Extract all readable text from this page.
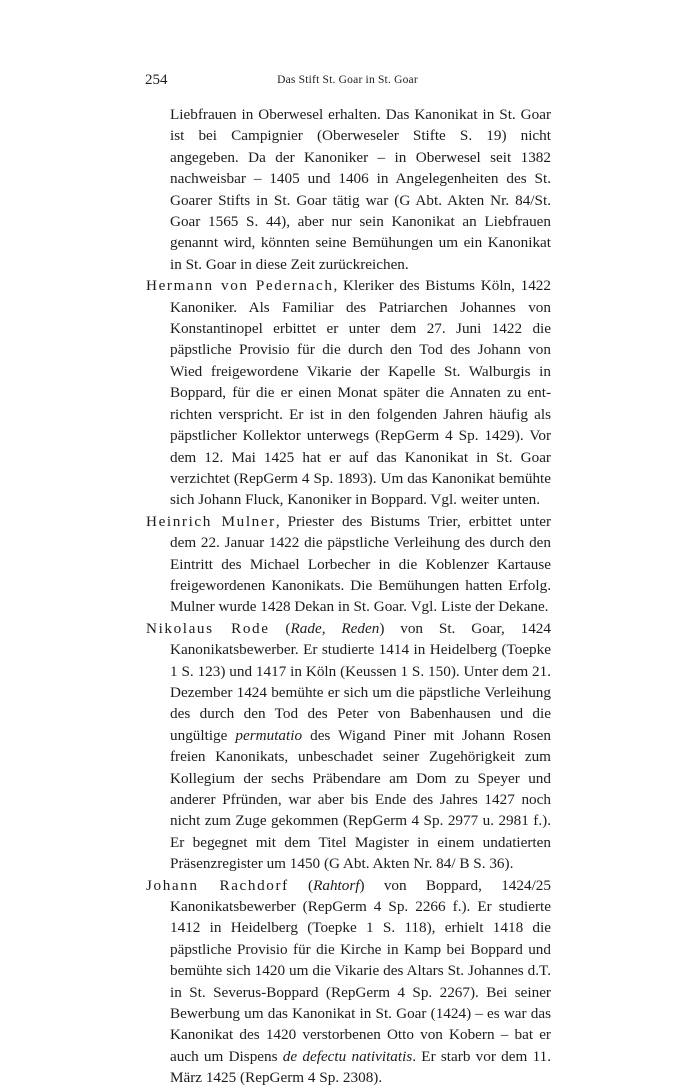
254	Das Stift St. Goar in St. Goar

Liebfrauen in Oberwesel erhalten. Das Kanonikat in St. Goar ist bei Campignier (Oberweseler Stifte S. 19) nicht angegeben. Da der Kanoniker – in Oberwesel seit 1382 nachweisbar – 1405 und 1406 in Angelegenheiten des St. Goarer Stifts in St. Goar tätig war (G Abt. Akten Nr. 84/St. Goar 1565 S. 44), aber nur sein Kanonikat an Liebfrauen genannt wird, könnten seine Bemühungen um ein Kanonikat in St. Goar in diese Zeit zurückreichen.

Hermann von Pedernach, Kleriker des Bistums Köln, 1422 Kanoniker. Als Familiar des Patriarchen Johannes von Konstantinopel erbittet er unter dem 27. Juni 1422 die päpstliche Provisio für die durch den Tod des Johann von Wied freigewordene Vikarie der Kapelle St. Walburgis in Boppard, für die er einen Monat später die Annaten zu entrichten verspricht. Er ist in den folgenden Jahren häufig als päpstlicher Kollektor unterwegs (RepGerm 4 Sp. 1429). Vor dem 12. Mai 1425 hat er auf das Kanonikat in St. Goar verzichtet (RepGerm 4 Sp. 1893). Um das Kanonikat bemühte sich Johann Fluck, Kanoniker in Boppard. Vgl. weiter unten.

Heinrich Mulner, Priester des Bistums Trier, erbittet unter dem 22. Januar 1422 die päpstliche Verleihung des durch den Eintritt des Michael Lorbecher in die Koblenzer Kartause freigewordenen Kanonikats. Die Bemühungen hatten Erfolg. Mulner wurde 1428 Dekan in St. Goar. Vgl. Liste der Dekane.

Nikolaus Rode (Rade, Reden) von St. Goar, 1424 Kanonikatsbewerber. Er studierte 1414 in Heidelberg (Toepke 1 S. 123) und 1417 in Köln (Keussen 1 S. 150). Unter dem 21. Dezember 1424 bemühte er sich um die päpstliche Verleihung des durch den Tod des Peter von Babenhausen und die ungültige permutatio des Wigand Piner mit Johann Rosen freien Kanonikats, unbeschadet seiner Zugehörigkeit zum Kollegium der sechs Präbendare am Dom zu Speyer und anderer Pfründen, war aber bis Ende des Jahres 1427 noch nicht zum Zuge gekommen (RepGerm 4 Sp. 2977 u. 2981 f.). Er begegnet mit dem Titel Magister in einem undatierten Präsenzregister um 1450 (G Abt. Akten Nr. 84/ B S. 36).

Johann Rachdorf (Rahtorf) von Boppard, 1424/25 Kanonikatsbewerber (RepGerm 4 Sp. 2266 f.). Er studierte 1412 in Heidelberg (Toepke 1 S. 118), erhielt 1418 die päpstliche Provisio für die Kirche in Kamp bei Boppard und bemühte sich 1420 um die Vikarie des Altars St. Johannes d.T. in St. Severus-Boppard (RepGerm 4 Sp. 2267). Bei seiner Bewerbung um das Kanonikat in St. Goar (1424) – es war das Kanonikat des 1420 verstorbenen Otto von Kobern – bat er auch um Dispens de defectu nativitatis. Er starb vor dem 11. März 1425 (RepGerm 4 Sp. 2308).
